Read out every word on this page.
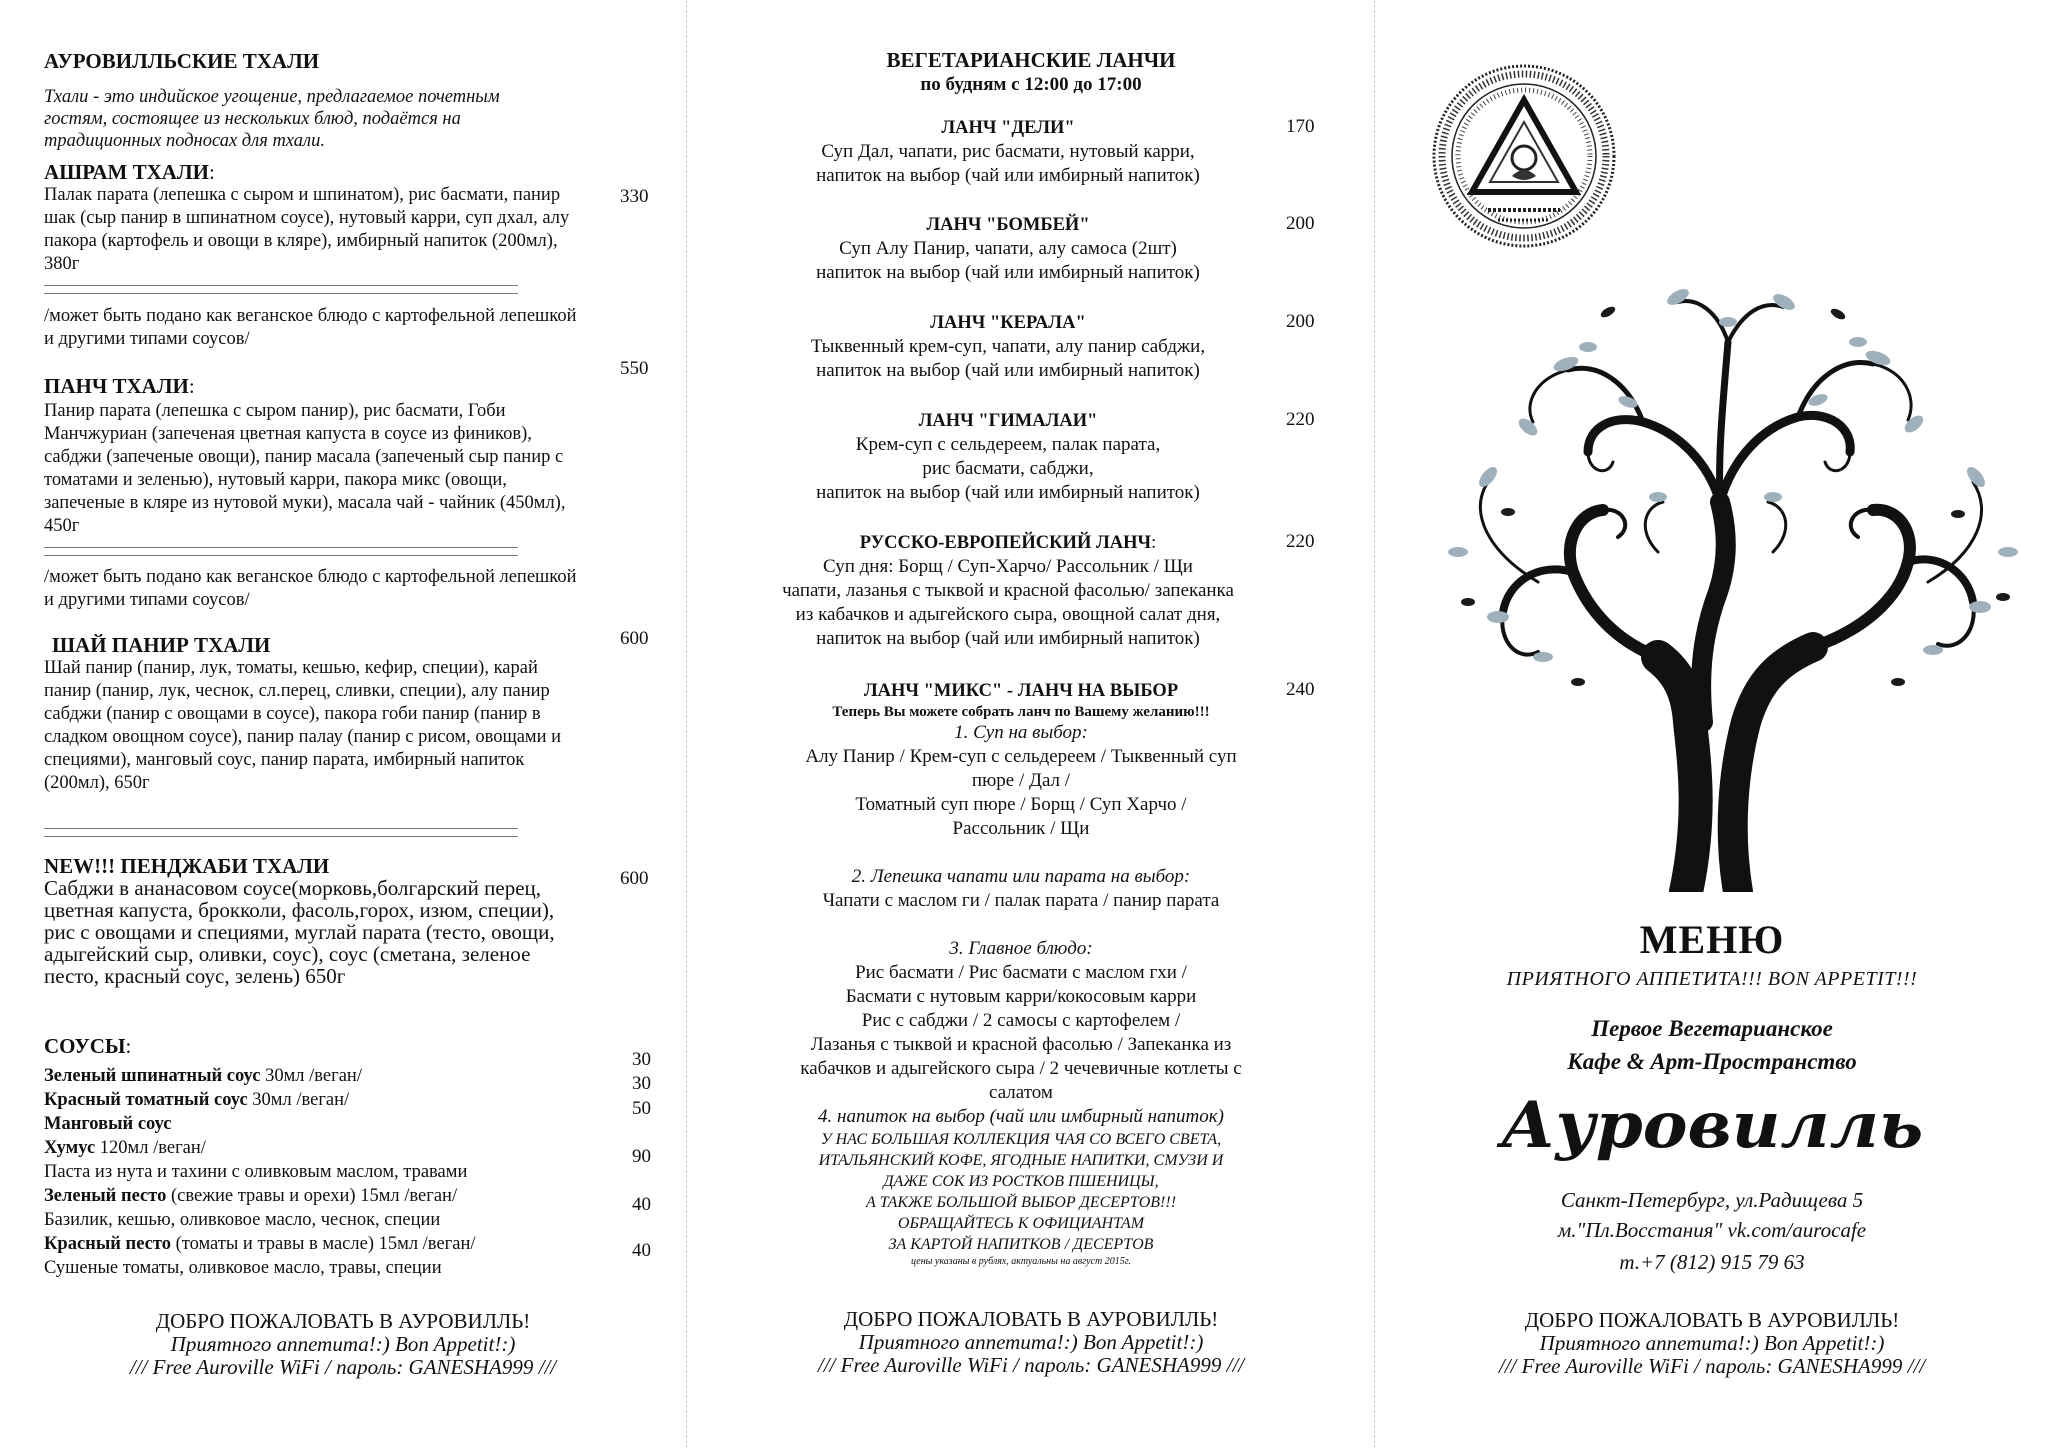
АУРОВИЛЛЬСКИЕ ТХАЛИ
Тхали - это индийское угощение, предлагаемое почетным гостям, состоящее из нескольких блюд, подаётся на традиционных подносах для тхали.
АШРАМ ТХАЛИ:
Палак парата (лепешка с сыром и шпинатом), рис басмати, панир шак (сыр панир в шпинатном соусе), нутовый карри, суп дхал, алу пакора (картофель и овощи в кляре), имбирный напиток (200мл), 380г
330
/может быть подано как веганское блюдо с картофельной лепешкой и другими типами соусов/
550
ПАНЧ ТХАЛИ:
Панир парата (лепешка с сыром панир), рис басмати, Гоби Манчжуриан (запеченая цветная капуста в соусе из фиников), сабджи (запеченые овощи), панир масала (запеченый сыр панир с томатами и зеленью), нутовый карри, пакора микс (овощи, запеченые в кляре из нутовой муки), масала чай - чайник (450мл), 450г
/может быть подано как веганское блюдо с картофельной лепешкой и другими типами соусов/
600
ШАЙ ПАНИР ТХАЛИ
Шай панир (панир, лук, томаты, кешью, кефир, специи), карай панир (панир, лук, чеснок, сл.перец, сливки, специи), алу панир сабджи (панир с овощами в соусе), пакора гоби панир (панир в сладком овощном соусе), панир палау (панир с рисом, овощами и специями), манговый соус, панир парата, имбирный напиток (200мл), 650г
NEW!!! ПЕНДЖАБИ ТХАЛИ
600
Сабджи в ананасовом соусе(морковь,болгарский перец, цветная капуста, брокколи, фасоль,горох, изюм, специи), рис с овощами и специями, муглай парата (тесто, овощи, адыгейский сыр, оливки, соус), соус (сметана, зеленое песто, красный соус, зелень) 650г
СОУСЫ:
Зеленый шпинатный соус 30мл /веган/
Красный томатный соус 30мл /веган/
Манговый соус
Хумус 120мл /веган/
Паста из нута и тахини с оливковым маслом, травами
Зеленый песто (свежие травы и орехи) 15мл /веган/
Базилик, кешью, оливковое масло, чеснок, специи
Красный песто (томаты и травы в масле) 15мл /веган/
Сушеные томаты, оливковое масло, травы, специи
30
30
50
90
40
40
ДОБРО ПОЖАЛОВАТЬ В АУРОВИЛЛЬ!
Приятного аппетита!:) Bon Appetit!:)
/// Free Auroville WiFi / пароль: GANESHA999 ///
ВЕГЕТАРИАНСКИЕ ЛАНЧИ
по будням с 12:00 до 17:00
ЛАНЧ "ДЕЛИ"
Суп Дал, чапати, рис басмати, нутовый карри,
напиток на выбор (чай или имбирный напиток)
170
ЛАНЧ "БОМБЕЙ"
Суп Алу Панир, чапати, алу самоса (2шт)
напиток на выбор (чай или имбирный напиток)
200
ЛАНЧ "КЕРАЛА"
Тыквенный крем-суп, чапати, алу панир сабджи,
напиток на выбор (чай или имбирный напиток)
200
ЛАНЧ "ГИМАЛАИ"
Крем-суп с сельдереем, палак парата,
рис басмати, сабджи,
напиток на выбор (чай или имбирный напиток)
220
РУССКО-ЕВРОПЕЙСКИЙ ЛАНЧ:
Суп дня: Борщ / Суп-Харчо/ Рассольник / Щи
чапати, лазанья с тыквой и красной фасолью/ запеканка
из кабачков и адыгейского сыра, овощной салат дня,
напиток на выбор (чай или имбирный напиток)
220
ЛАНЧ "МИКС" - ЛАНЧ НА ВЫБОР
Теперь Вы можете собрать ланч по Вашему желанию!!!
1. Суп на выбор:
Алу Панир / Крем-суп с сельдереем / Тыквенный суп
пюре / Дал /
Томатный суп пюре / Борщ / Суп Харчо /
Рассольник / Щи
2. Лепешка чапати или парата на выбор:
Чапати с маслом ги / палак парата / панир парата
3. Главное блюдо:
Рис басмати / Рис басмати с маслом гхи /
Басмати с нутовым карри/кокосовым карри
Рис с сабджи / 2 самосы с картофелем /
Лазанья с тыквой и красной фасолью / Запеканка из
кабачков и адыгейского сыра / 2 чечевичные котлеты с
салатом
4. напиток на выбор (чай или имбирный напиток)
У НАС БОЛЬШАЯ КОЛЛЕКЦИЯ ЧАЯ СО ВСЕГО СВЕТА,
ИТАЛЬЯНСКИЙ КОФЕ, ЯГОДНЫЕ НАПИТКИ, СМУЗИ И
ДАЖЕ СОК ИЗ РОСТКОВ ПШЕНИЦЫ,
А ТАКЖЕ БОЛЬШОЙ ВЫБОР ДЕСЕРТОВ!!!
ОБРАЩАЙТЕСЬ К ОФИЦИАНТАМ
ЗА КАРТОЙ НАПИТКОВ / ДЕСЕРТОВ
цены указаны в рублях, актуальны на август 2015г.
240
ДОБРО ПОЖАЛОВАТЬ В АУРОВИЛЛЬ!
Приятного аппетита!:) Bon Appetit!:)
/// Free Auroville WiFi / пароль: GANESHA999 ///
МЕНЮ
ПРИЯТНОГО АППЕТИТА!!! BON APPETIT!!!
Первое Вегетарианское
Кафе & Арт-Пространство
Ауровилль
Санкт-Петербург, ул.Радищева 5
м."Пл.Восстания" vk.com/aurocafe
т.+7 (812) 915 79 63
ДОБРО ПОЖАЛОВАТЬ В АУРОВИЛЛЬ!
Приятного аппетита!:) Bon Appetit!:)
/// Free Auroville WiFi / пароль: GANESHA999 ///
